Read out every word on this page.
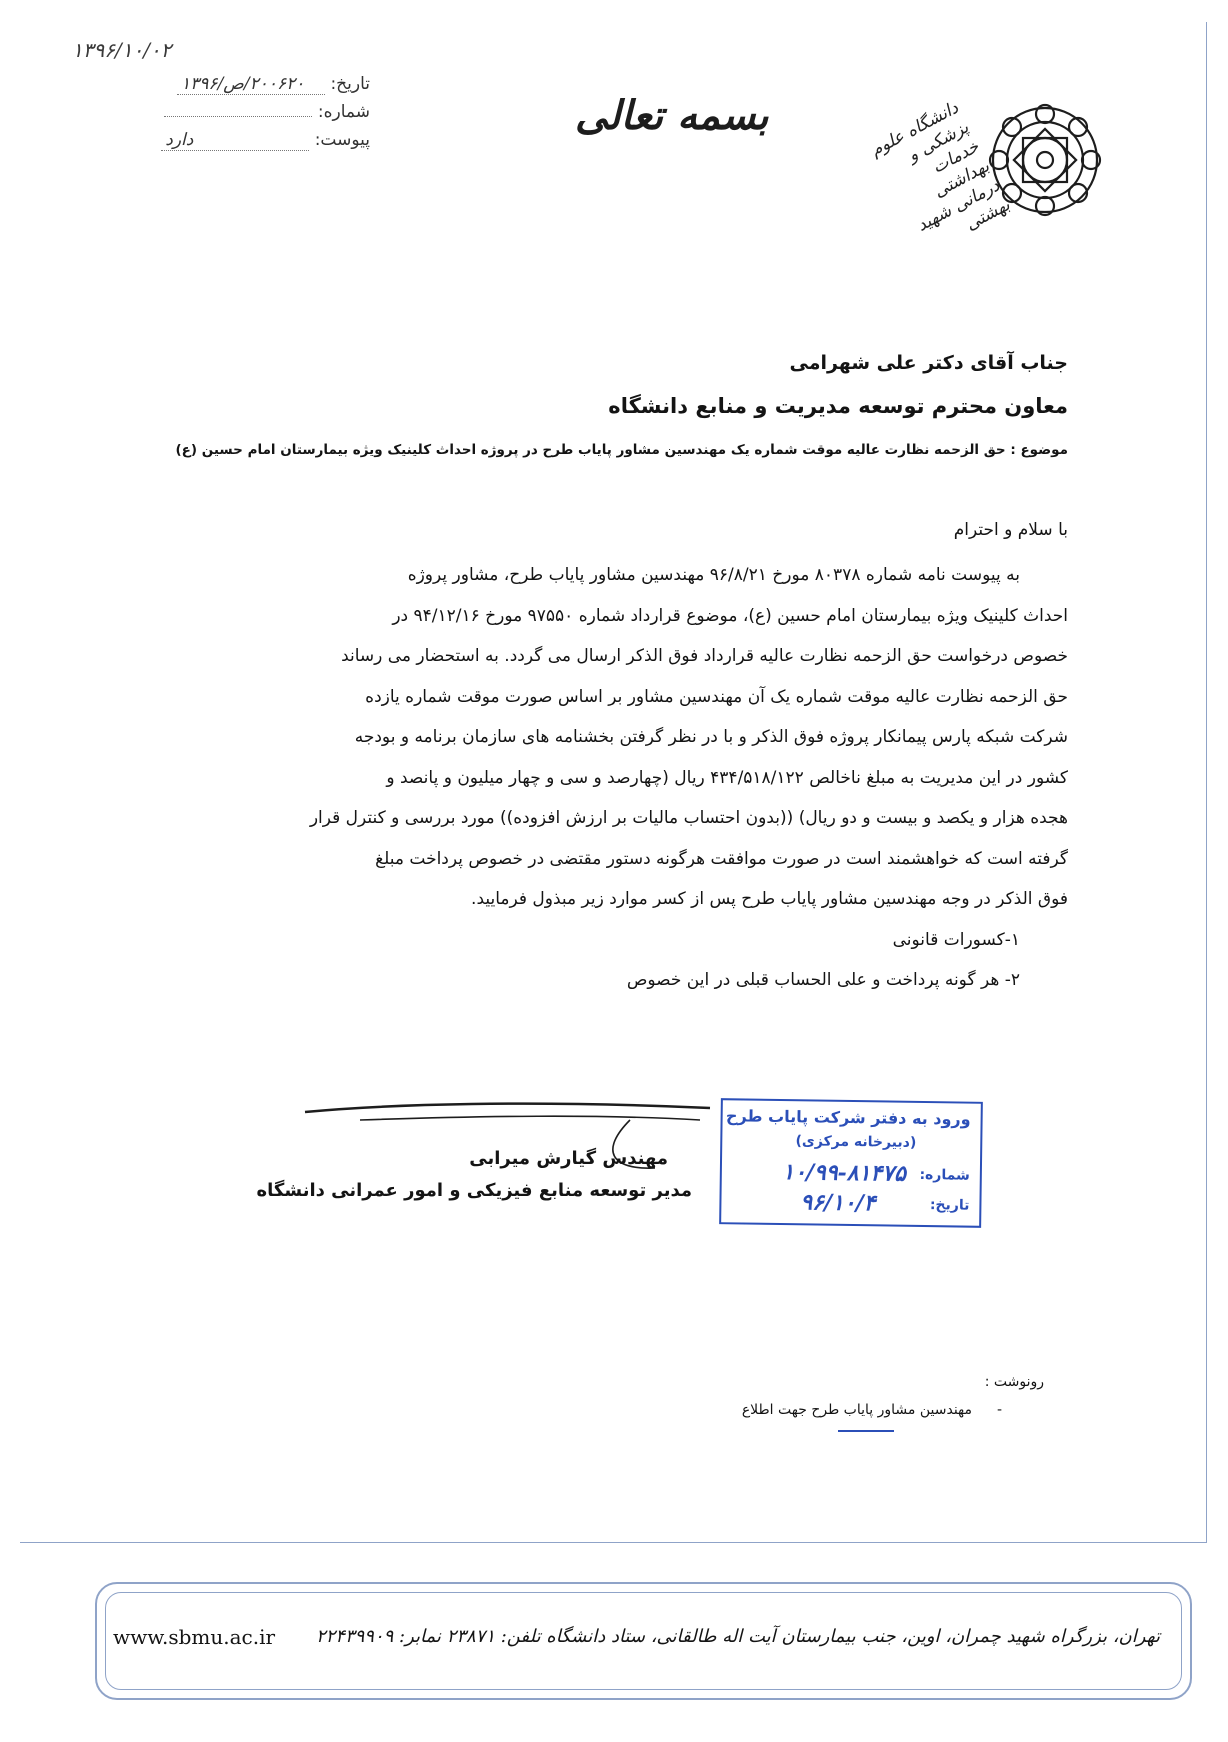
۱۳۹۶/۱۰/۰۲
تاریخ: ۲۰۰۶۲۰/ص/۱۳۹۶
شماره:
پیوست: دارد
بسمه تعالی	دانشگاه علوم پزشکی و خدمات بهداشتی درمانی شهید بهشتی
جناب آقای دکتر علی شهرامی
معاون محترم توسعه مدیریت و منابع دانشگاه
موضوع : حق الزحمه نظارت عالیه موقت شماره یک مهندسین مشاور پایاب طرح در پروژه احداث کلینیک ویژه بیمارستان امام حسین (ع)
با سلام و احترام

به پیوست نامه شماره ۸۰۳۷۸ مورخ ۹۶/۸/۲۱ مهندسین مشاور پایاب طرح، مشاور پروژه

احداث کلینیک ویژه بیمارستان امام حسین (ع)، موضوع قرارداد شماره ۹۷۵۵۰ مورخ ۹۴/۱۲/۱۶ در

خصوص درخواست حق الزحمه نظارت عالیه قرارداد فوق الذکر ارسال می گردد. به استحضار می رساند

حق الزحمه نظارت عالیه موقت شماره یک آن مهندسین مشاور بر اساس صورت موقت شماره یازده

شرکت شبکه پارس پیمانکار پروژه فوق الذکر و با در نظر گرفتن بخشنامه های سازمان برنامه و بودجه

کشور در این مدیریت به مبلغ ناخالص ۴۳۴/۵۱۸/۱۲۲ ریال (چهارصد و سی و چهار میلیون و پانصد و

هجده هزار و یکصد و بیست و دو ریال) ((بدون احتساب مالیات بر ارزش افزوده)) مورد بررسی و کنترل قرار

گرفته است که خواهشمند است در صورت موافقت هرگونه دستور مقتضی در خصوص پرداخت مبلغ

فوق الذکر در وجه مهندسین مشاور پایاب طرح پس از کسر موارد زیر مبذول فرمایید.

۱-کسورات قانونی

۲- هر گونه پرداخت و علی الحساب قبلی در این خصوص

مهندس گیارش میرابی
مدیر توسعه منابع فیزیکی و امور عمرانی دانشگاه
ورود به دفتر شرکت پایاب طرح
(دبیرخانه مرکزی)
شماره:
۱۰/۹۹-۸۱۴۷۵
تاریخ:
۹۶/۱۰/۴
رونوشت :
-
مهندسین مشاور پایاب طرح جهت اطلاع
تهران، بزرگراه شهید چمران، اوین، جنب بیمارستان آیت اله طالقانی، ستاد دانشگاه تلفن: ۲۳۸۷۱ نمابر: ۲۲۴۳۹۹۰۹
www.sbmu.ac.ir
